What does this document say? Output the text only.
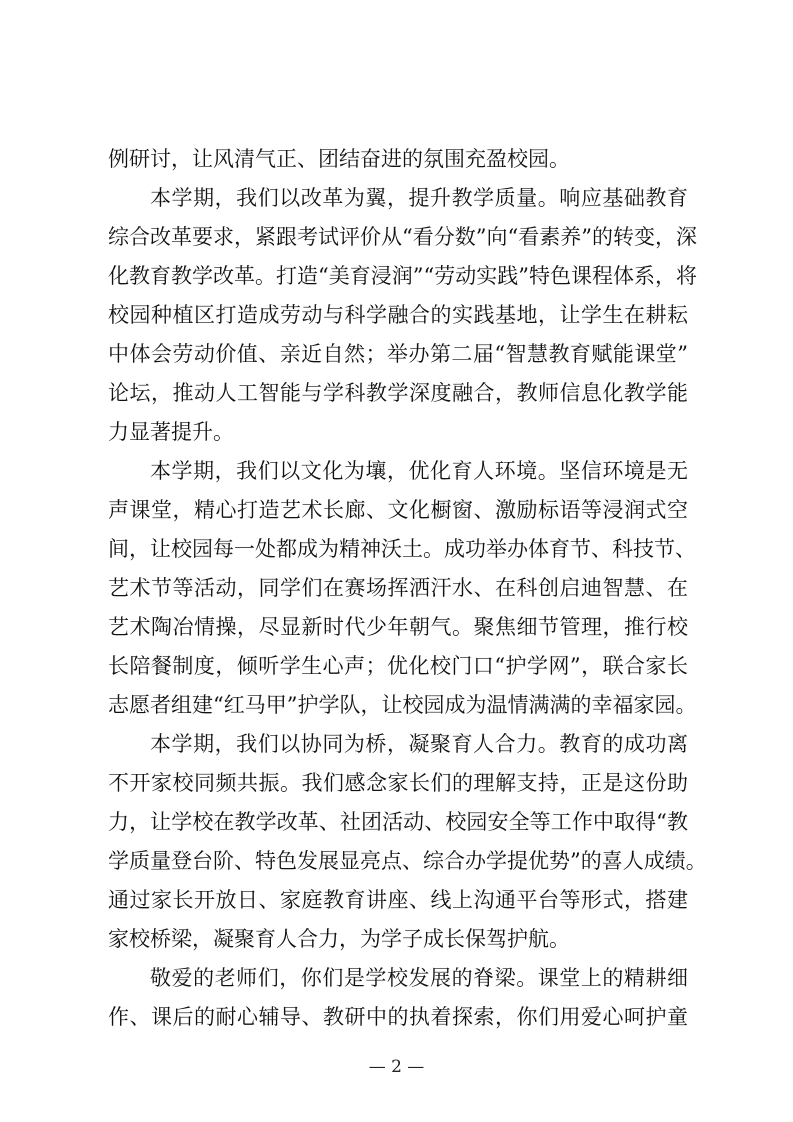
例研讨，让风清气正、团结奋进的氛围充盈校园。
本学期，我们以改革为翼，提升教学质量。响应基础教育
综合改革要求，紧跟考试评价从“看分数”向“看素养”的转变，深
化教育教学改革。打造“美育浸润”“劳动实践”特色课程体系，将
校园种植区打造成劳动与科学融合的实践基地，让学生在耕耘
中体会劳动价值、亲近自然；举办第二届“智慧教育赋能课堂”
论坛，推动人工智能与学科教学深度融合，教师信息化教学能
力显著提升。
本学期，我们以文化为壤，优化育人环境。坚信环境是无
声课堂，精心打造艺术长廊、文化橱窗、激励标语等浸润式空
间，让校园每一处都成为精神沃土。成功举办体育节、科技节、
艺术节等活动，同学们在赛场挥洒汗水、在科创启迪智慧、在
艺术陶冶情操，尽显新时代少年朝气。聚焦细节管理，推行校
长陪餐制度，倾听学生心声；优化校门口“护学网”，联合家长
志愿者组建“红马甲”护学队，让校园成为温情满满的幸福家园。
本学期，我们以协同为桥，凝聚育人合力。教育的成功离
不开家校同频共振。我们感念家长们的理解支持，正是这份助
力，让学校在教学改革、社团活动、校园安全等工作中取得“教
学质量登台阶、特色发展显亮点、综合办学提优势”的喜人成绩。
通过家长开放日、家庭教育讲座、线上沟通平台等形式，搭建
家校桥梁，凝聚育人合力，为学子成长保驾护航。
敬爱的老师们，你们是学校发展的脊梁。课堂上的精耕细
作、课后的耐心辅导、教研中的执着探索，你们用爱心呵护童
— 2 —
